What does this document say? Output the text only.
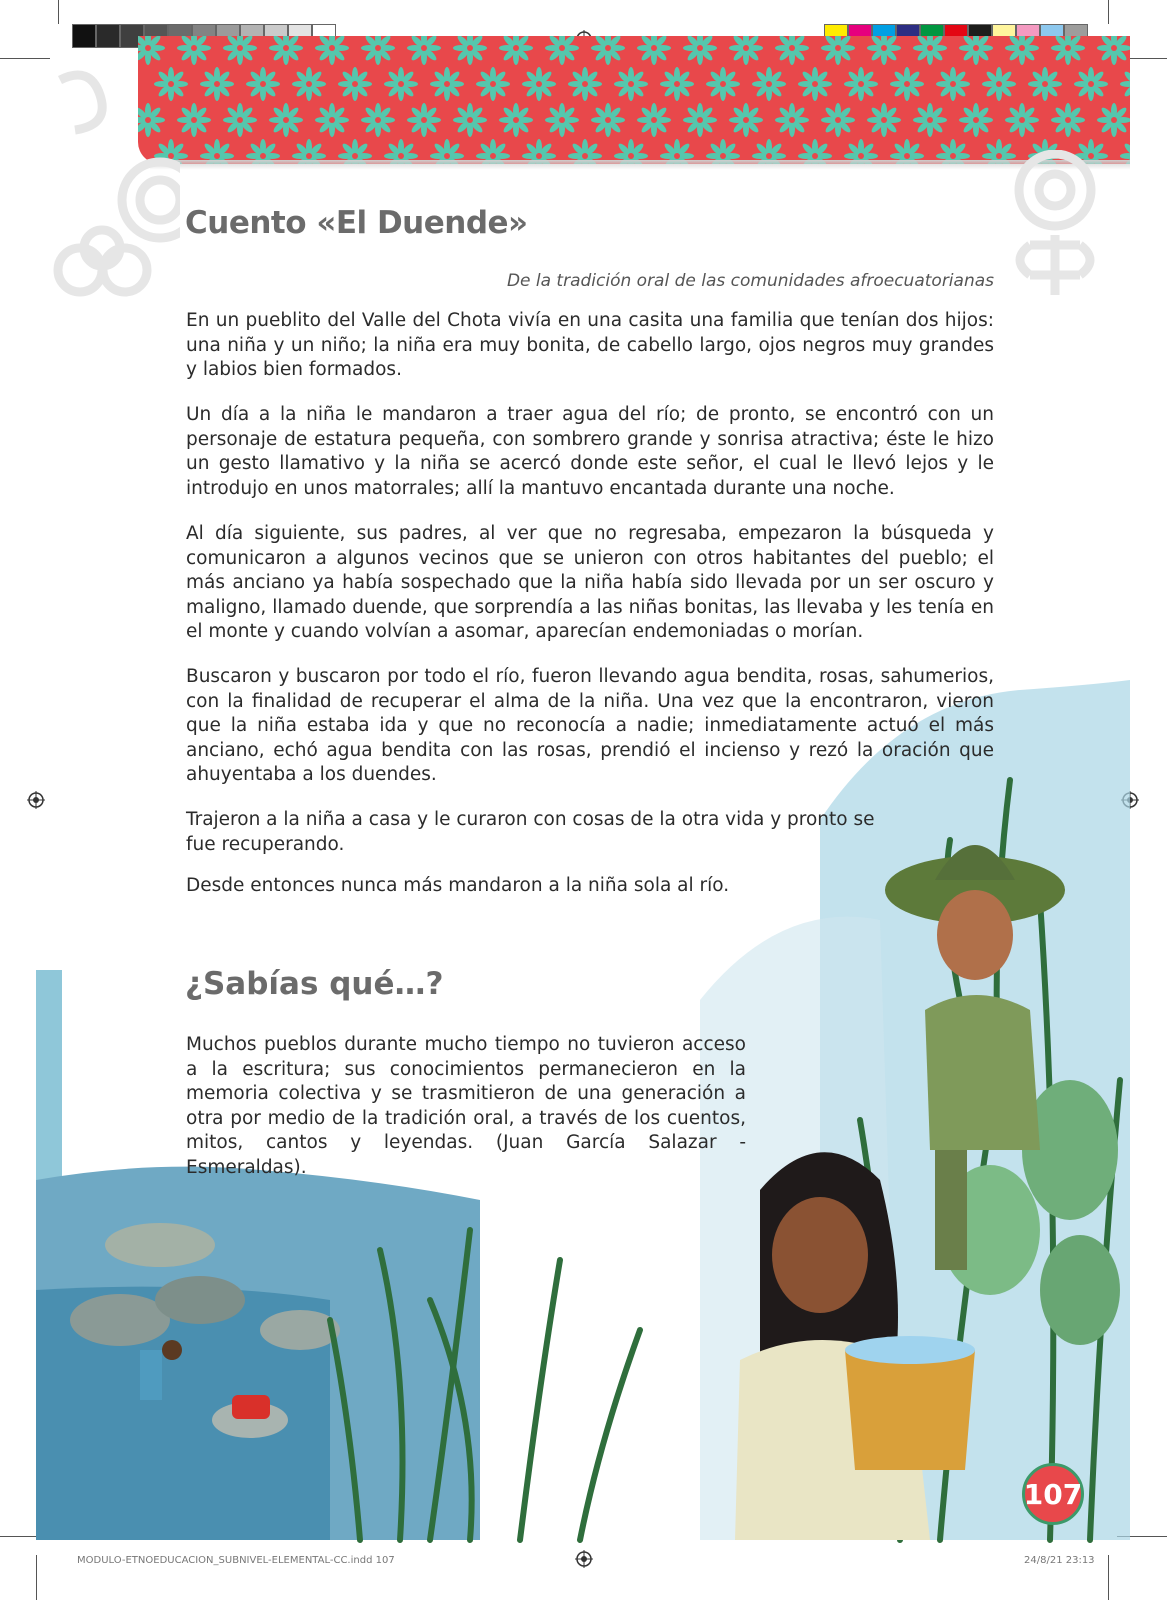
Cuento «El Duende»

De la tradición oral de las comunidades afroecuatorianas

En un pueblito del Valle del Chota vivía en una casita una familia que tenían dos hijos: una niña y un niño; la niña era muy bonita, de cabello largo, ojos negros muy grandes y labios bien formados.

Un día a la niña le mandaron a traer agua del río; de pronto, se encontró con un personaje de estatura pequeña, con sombrero grande y sonrisa atractiva; éste le hizo un gesto llamativo y la niña se acercó donde este señor, el cual le llevó lejos y le introdujo en unos matorrales; allí la mantuvo encantada durante una noche.

Al día siguiente, sus padres, al ver que no regresaba, empezaron la búsqueda y comunicaron a algunos vecinos que se unieron con otros habitantes del pueblo; el más anciano ya había sospechado que la niña había sido llevada por un ser oscuro y maligno, llamado duende, que sorprendía a las niñas bonitas, las llevaba y les tenía en el monte y cuando volvían a asomar, aparecían endemoniadas o morían.

Buscaron y buscaron por todo el río, fueron llevando agua bendita, rosas, sahumerios, con la finalidad de recuperar el alma de la niña. Una vez que la encontraron, vieron que la niña estaba ida y que no reconocía a nadie; inmediatamente actuó el más anciano, echó agua bendita con las rosas, prendió el incienso y rezó la oración que ahuyentaba a los duendes.

Trajeron a la niña a casa y le curaron con cosas de la otra vida y pronto se fue recuperando.

Desde entonces nunca más mandaron a la niña sola al río.

¿Sabías qué…?

Muchos pueblos durante mucho tiempo no tuvieron acceso a la escritura; sus conocimientos permanecieron en la memoria colectiva y se trasmitieron de una generación a otra por medio de la tradición oral, a través de los cuentos, mitos, cantos y leyendas. (Juan García Salazar - Esmeraldas).

107
MODULO-ETNOEDUCACION_SUBNIVEL-ELEMENTAL-CC.indd 107	24/8/21 23:13
